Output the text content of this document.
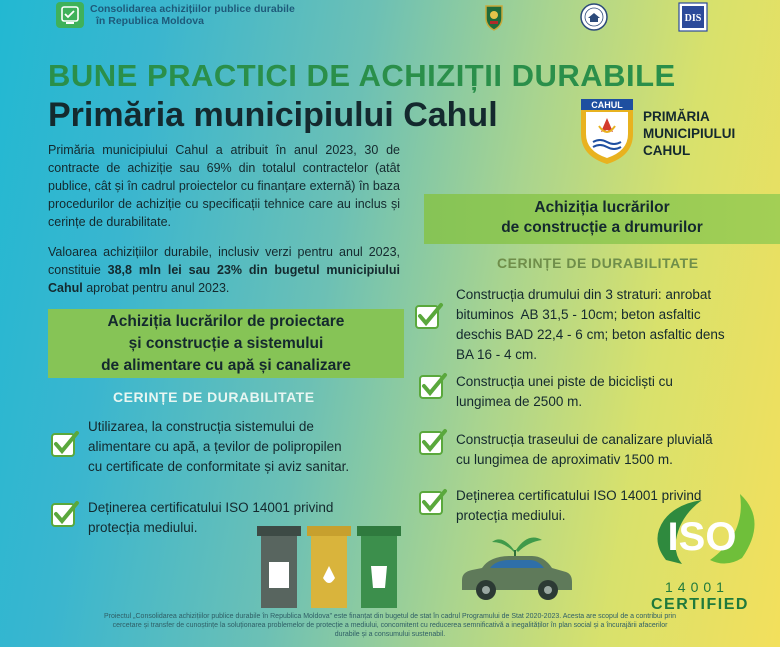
Consolidarea achizițiilor publice durabile
în Republica Moldova	DIS
BUNE PRACTICI DE ACHIZIȚII DURABILE
Primăria municipiului Cahul	CAHUL
PRIMĂRIA
MUNICIPIULUI
CAHUL
Primăria municipiului Cahul a atribuit în anul 2023, 30 de contracte de achiziție sau 69% din totalul contractelor (atât publice, cât și în cadrul proiectelor cu finanțare externă) în baza procedurilor de achiziție cu specificații tehnice care au inclus și cerințe de durabilitate.
Valoarea achizițiilor durabile, inclusiv verzi pentru anul 2023, constituie 38,8 mln lei sau 23% din bugetul municipiului Cahul aprobat pentru anul 2023.
Achiziția lucrărilor de proiectare
și construcție a sistemului
de alimentare cu apă și canalizare
CERINȚE DE DURABILITATE
Utilizarea, la construcția sistemului de
alimentare cu apă, a țevilor de polipropilen
cu certificate de conformitate și aviz sanitar.
Deținerea certificatului ISO 14001 privind
protecția mediului.
Achiziția lucrărilor
de construcție a drumurilor
CERINȚE DE DURABILITATE
Construcția drumului din 3 straturi: anrobat
bituminos  AB 31,5 - 10cm; beton asfaltic
deschis BAD 22,4 - 6 cm; beton asfaltic dens
BA 16 - 4 cm.
Construcția unei piste de bicicliști cu
lungimea de 2500 m.
Construcția traseului de canalizare pluvială
cu lungimea de aproximativ 1500 m.
Deținerea certificatului ISO 14001 privind
protecția mediului.	ISO
14001
CERTIFIED
Proiectul „Consolidarea achizițiilor publice durabile în Republica Moldova” este finanțat din bugetul de stat în cadrul Programului de Stat 2020-2023. Acesta are scopul de a contribui prin
cercetare și transfer de cunoștințe la soluționarea problemelor de protecție a mediului, concomitent cu reducerea semnificativă a inegalităților în plan social și a încurajării afacerilor
durabile și a consumului sustenabil.
